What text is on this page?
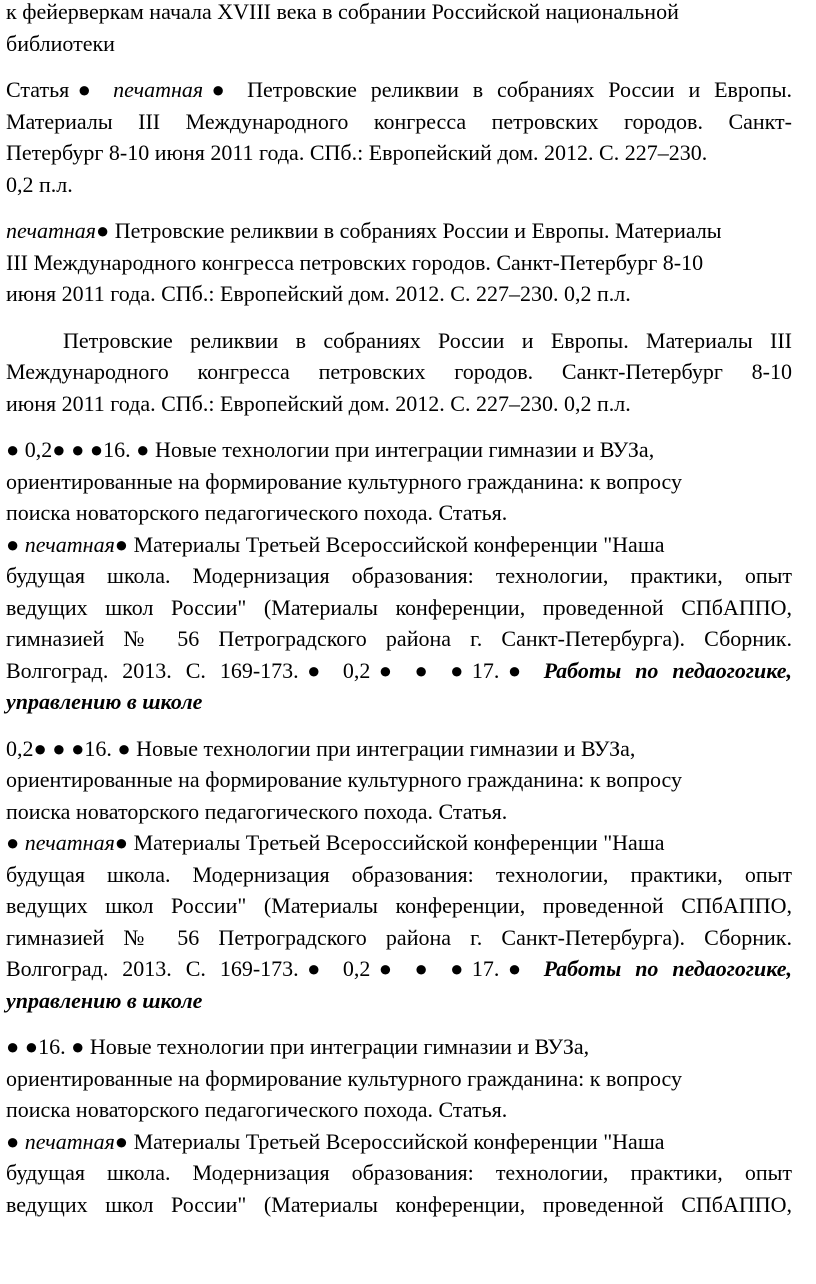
к фейерверкам начала XVIII века в собрании Российской национальной
библиотеки
Статья● печатная● Петровские реликвии в собраниях России и Европы.
Материалы III Международного конгресса петровских городов. Санкт-
Петербург 8-10 июня 2011 года. СПб.: Европейский дом. 2012. С. 227–230.
0,2 п.л.
печатная● Петровские реликвии в собраниях России и Европы. Материалы
III Международного конгресса петровских городов. Санкт-Петербург 8-10
июня 2011 года. СПб.: Европейский дом. 2012. С. 227–230. 0,2 п.л.
Петровские реликвии в собраниях России и Европы. Материалы III
Международного конгресса петровских городов. Санкт-Петербург 8-10
июня 2011 года. СПб.: Европейский дом. 2012. С. 227–230. 0,2 п.л.
● 0,2● ● ●16. ● Новые технологии при интеграции гимназии и ВУЗа,
ориентированные на формирование культурного гражданина: к вопросу
поиска новаторского педагогического похода. Статья.
● печатная● Материалы Третьей Всероссийской конференции "Наша
будущая школа. Модернизация образования: технологии, практики, опыт
ведущих школ России" (Материалы конференции, проведенной СПбАППО,
гимназией № 56 Петроградского района г. Санкт-Петербурга). Сборник.
Волгоград. 2013. С. 169-173.● 0,2● ● ●17.● Работы по педаогогике,
управлению в школе
0,2● ● ●16. ● Новые технологии при интеграции гимназии и ВУЗа,
ориентированные на формирование культурного гражданина: к вопросу
поиска новаторского педагогического похода. Статья.
● печатная● Материалы Третьей Всероссийской конференции "Наша
будущая школа. Модернизация образования: технологии, практики, опыт
ведущих школ России" (Материалы конференции, проведенной СПбАППО,
гимназией № 56 Петроградского района г. Санкт-Петербурга). Сборник.
Волгоград. 2013. С. 169-173.● 0,2● ● ●17.● Работы по педаогогике,
управлению в школе
● ●16. ● Новые технологии при интеграции гимназии и ВУЗа,
ориентированные на формирование культурного гражданина: к вопросу
поиска новаторского педагогического похода. Статья.
● печатная● Материалы Третьей Всероссийской конференции "Наша
будущая школа. Модернизация образования: технологии, практики, опыт
ведущих школ России" (Материалы конференции, проведенной СПбАППО,
